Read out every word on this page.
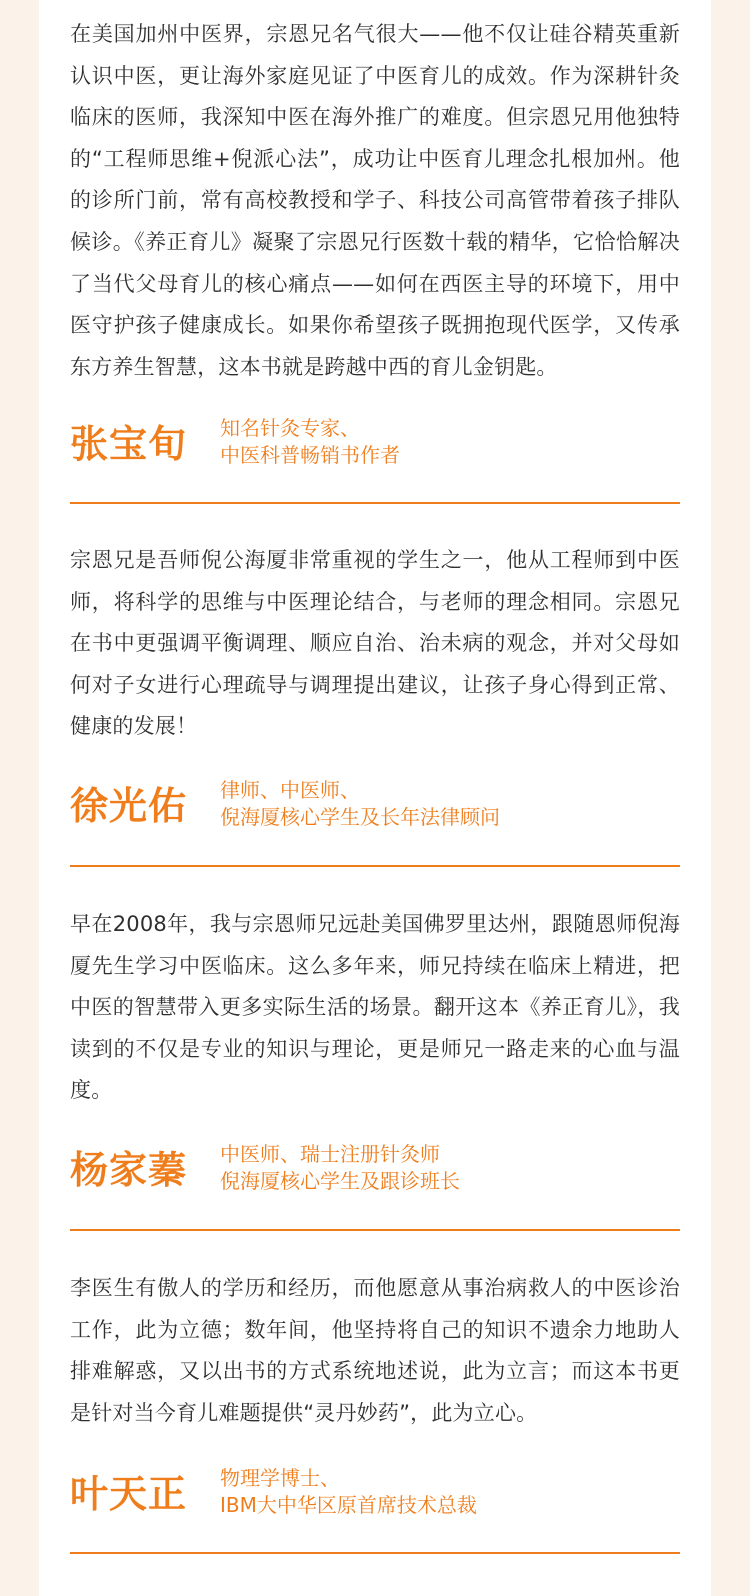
在美国加州中医界，宗恩兄名气很大——他不仅让硅谷精英重新认识中医，更让海外家庭见证了中医育儿的成效。作为深耕针灸临床的医师，我深知中医在海外推广的难度。但宗恩兄用他独特的“工程师思维+倪派心法”，成功让中医育儿理念扎根加州。他的诊所门前，常有高校教授和学子、科技公司高管带着孩子排队候诊。《养正育儿》凝聚了宗恩兄行医数十载的精华，它恰恰解决了当代父母育儿的核心痛点——如何在西医主导的环境下，用中医守护孩子健康成长。如果你希望孩子既拥抱现代医学，又传承东方养生智慧，这本书就是跨越中西的育儿金钥匙。

张宝旬 知名针灸专家、
中医科普畅销书作者

宗恩兄是吾师倪公海厦非常重视的学生之一，他从工程师到中医师，将科学的思维与中医理论结合，与老师的理念相同。宗恩兄在书中更强调平衡调理、顺应自治、治未病的观念，并对父母如何对子女进行心理疏导与调理提出建议，让孩子身心得到正常、健康的发展！

徐光佑 律师、中医师、
倪海厦核心学生及长年法律顾问

早在2008年，我与宗恩师兄远赴美国佛罗里达州，跟随恩师倪海厦先生学习中医临床。这么多年来，师兄持续在临床上精进，把中医的智慧带入更多实际生活的场景。翻开这本《养正育儿》，我读到的不仅是专业的知识与理论，更是师兄一路走来的心血与温度。

杨家蓁 中医师、瑞士注册针灸师
倪海厦核心学生及跟诊班长

李医生有傲人的学历和经历，而他愿意从事治病救人的中医诊治工作，此为立德；数年间，他坚持将自己的知识不遗余力地助人排难解惑，又以出书的方式系统地述说，此为立言；而这本书更是针对当今育儿难题提供“灵丹妙药”，此为立心。

叶天正 物理学博士、
IBM大中华区原首席技术总裁
